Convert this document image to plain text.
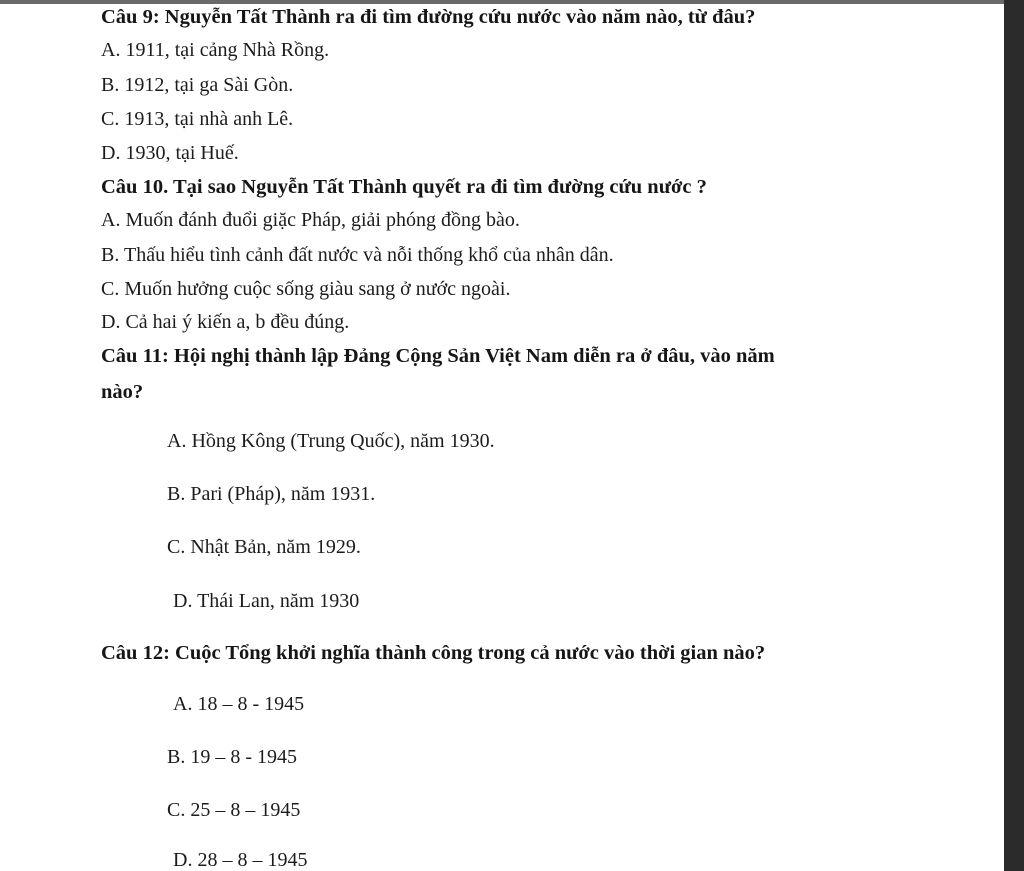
Câu 9: Nguyễn Tất Thành ra đi tìm đường cứu nước vào năm nào, từ đâu?
A. 1911, tại cảng Nhà Rồng.
B. 1912, tại ga Sài Gòn.
C. 1913, tại nhà anh Lê.
D. 1930, tại Huế.
Câu 10. Tại sao Nguyễn Tất Thành quyết ra đi tìm đường cứu nước ?
A. Muốn đánh đuổi giặc Pháp, giải phóng đồng bào.
B. Thấu hiểu tình cảnh đất nước và nỗi thống khổ của nhân dân.
C. Muốn hưởng cuộc sống giàu sang ở nước ngoài.
D. Cả hai ý kiến a, b đều đúng.
Câu 11: Hội nghị thành lập Đảng Cộng Sản Việt Nam diễn ra ở đâu, vào năm
nào?
A. Hồng Kông (Trung Quốc), năm 1930.
B. Pari (Pháp), năm 1931.
C. Nhật Bản, năm 1929.
D. Thái Lan, năm 1930
Câu 12: Cuộc Tổng khởi nghĩa thành công trong cả nước vào thời gian nào?
A. 18 – 8 - 1945
B. 19 – 8 - 1945
C. 25 – 8 – 1945
D. 28 – 8 – 1945
